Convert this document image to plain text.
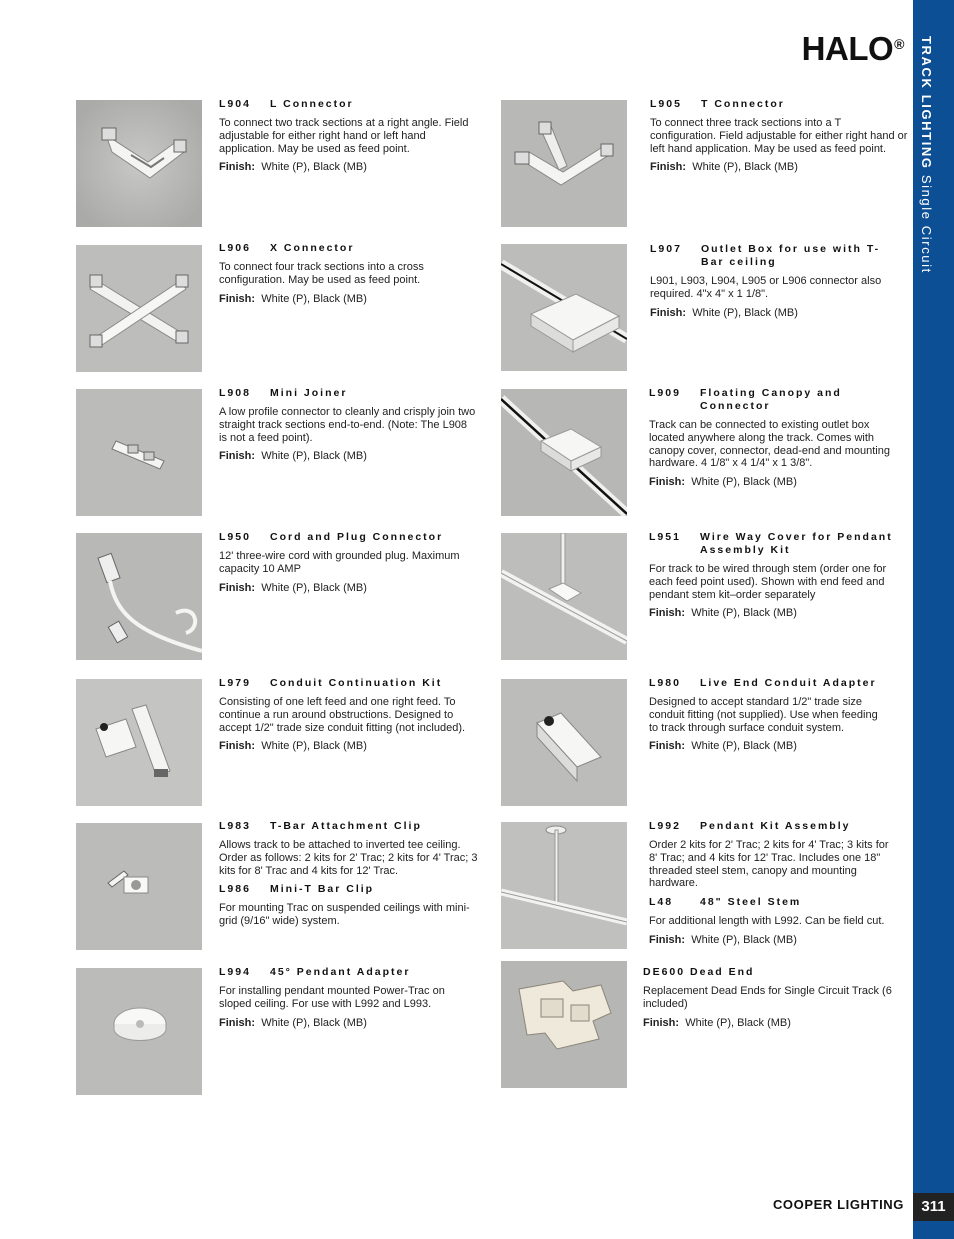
TRACK LIGHTING Single Circuit
HALO®
COOPER LIGHTING	311
L904	L Connector

To connect two track sections at a right angle. Field adjustable for either right hand or left hand application. May be used as feed point.

Finish: White (P), Black (MB)

L905	T Connector

To connect three track sections into a T configuration. Field adjustable for either right hand or left hand application. May be used as feed point.

Finish: White (P), Black (MB)

L906	X Connector

To connect four track sections into a cross configuration. May be used as feed point.

Finish: White (P), Black (MB)

L907	Outlet Box for use with T-Bar ceiling

L901, L903, L904, L905 or L906 connector also required. 4"x 4" x 1 1/8".

Finish: White (P), Black (MB)

L908	Mini Joiner

A low profile connector to cleanly and crisply join two straight track sections end-to-end. (Note: The L908 is not a feed point).

Finish: White (P), Black (MB)

L909	Floating Canopy and Connector

Track can be connected to existing outlet box located anywhere along the track. Comes with canopy cover, connector, dead-end and mounting hardware. 4 1/8" x 4 1/4" x 1 3/8".

Finish: White (P), Black (MB)

L950	Cord and Plug Connector

12' three-wire cord with grounded plug. Maximum capacity 10 AMP

Finish: White (P), Black (MB)

L951	Wire Way Cover for Pendant Assembly Kit

For track to be wired through stem (order one for each feed point used). Shown with end feed and pendant stem kit–order separately

Finish: White (P), Black (MB)

L979	Conduit Continuation Kit

Consisting of one left feed and one right feed. To continue a run around obstructions. Designed to accept 1/2" trade size conduit fitting (not included).

Finish: White (P), Black (MB)

L980	Live End Conduit Adapter

Designed to accept standard 1/2" trade size conduit fitting (not supplied). Use when feeding to track through surface conduit system.

Finish: White (P), Black (MB)

L983	T-Bar Attachment Clip

Allows track to be attached to inverted tee ceiling. Order as follows: 2 kits for 2' Trac; 2 kits for 4' Trac; 3 kits for 8' Trac and 4 kits for 12' Trac.

L986	Mini-T Bar Clip

For mounting Trac on suspended ceilings with mini-grid (9/16" wide) system.

L992	Pendant Kit Assembly

Order 2 kits for 2' Trac; 2 kits for 4' Trac; 3 kits for 8' Trac; and 4 kits for 12' Trac. Includes one 18" threaded steel stem, canopy and mounting hardware.

L48	48" Steel Stem

For additional length with L992. Can be field cut.

Finish: White (P), Black (MB)

L994	45° Pendant Adapter

For installing pendant mounted Power-Trac on sloped ceiling. For use with L992 and L993.

Finish: White (P), Black (MB)

DE600 Dead End

Replacement Dead Ends for Single Circuit Track (6 included)

Finish: White (P), Black (MB)
